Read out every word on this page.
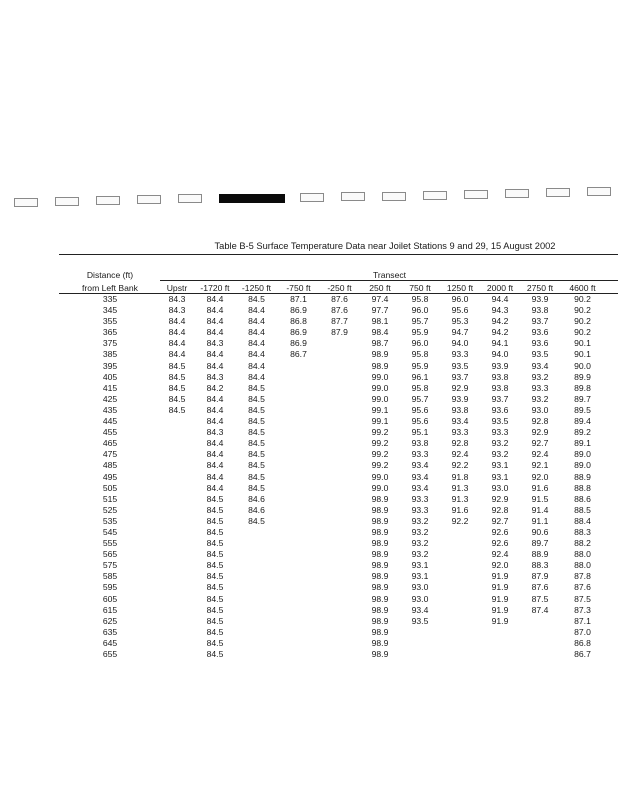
Table B-5 Surface Temperature Data near Joilet Stations 9 and 29, 15 August 2002
Distance (ft)
from Left Bank
Transect
Upstr	-1720 ft	-1250 ft	-750 ft	-250 ft	250 ft	750 ft	1250 ft	2000 ft	2750 ft	4600 ft
335	84.3	84.4	84.5	87.1	87.6	97.4	95.8	96.0	94.4	93.9	90.2
345	84.3	84.4	84.4	86.9	87.6	97.7	96.0	95.6	94.3	93.8	90.2
355	84.4	84.4	84.4	86.8	87.7	98.1	95.7	95.3	94.2	93.7	90.2
365	84.4	84.4	84.4	86.9	87.9	98.4	95.9	94.7	94.2	93.6	90.2
375	84.4	84.3	84.4	86.9		98.7	96.0	94.0	94.1	93.6	90.1
385	84.4	84.4	84.4	86.7		98.9	95.8	93.3	94.0	93.5	90.1
395	84.5	84.4	84.4			98.9	95.9	93.5	93.9	93.4	90.0
405	84.5	84.3	84.4			99.0	96.1	93.7	93.8	93.2	89.9
415	84.5	84.2	84.5			99.0	95.8	92.9	93.8	93.3	89.8
425	84.5	84.4	84.5			99.0	95.7	93.9	93.7	93.2	89.7
435	84.5	84.4	84.5			99.1	95.6	93.8	93.6	93.0	89.5
445		84.4	84.5			99.1	95.6	93.4	93.5	92.8	89.4
455		84.3	84.5			99.2	95.1	93.3	93.3	92.9	89.2
465		84.4	84.5			99.2	93.8	92.8	93.2	92.7	89.1
475		84.4	84.5			99.2	93.3	92.4	93.2	92.4	89.0
485		84.4	84.5			99.2	93.4	92.2	93.1	92.1	89.0
495		84.4	84.5			99.0	93.4	91.8	93.1	92.0	88.9
505		84.4	84.5			99.0	93.4	91.3	93.0	91.6	88.8
515		84.5	84.6			98.9	93.3	91.3	92.9	91.5	88.6
525		84.5	84.6			98.9	93.3	91.6	92.8	91.4	88.5
535		84.5	84.5			98.9	93.2	92.2	92.7	91.1	88.4
545		84.5				98.9	93.2		92.6	90.6	88.3
555		84.5				98.9	93.2		92.6	89.7	88.2
565		84.5				98.9	93.2		92.4	88.9	88.0
575		84.5				98.9	93.1		92.0	88.3	88.0
585		84.5				98.9	93.1		91.9	87.9	87.8
595		84.5				98.9	93.0		91.9	87.6	87.6
605		84.5				98.9	93.0		91.9	87.5	87.5
615		84.5				98.9	93.4		91.9	87.4	87.3
625		84.5				98.9	93.5		91.9		87.1
635		84.5				98.9					87.0
645		84.5				98.9					86.8
655		84.5				98.9					86.7
